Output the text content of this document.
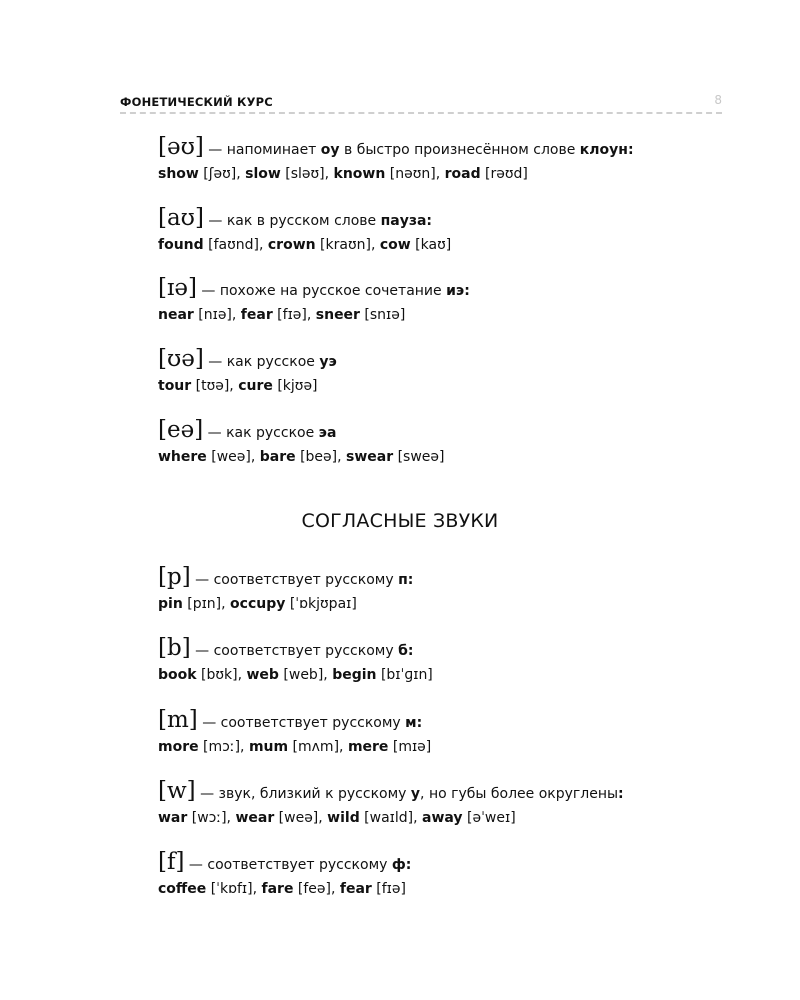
ФОНЕТИЧЕСКИЙ КУРС	8
[əʊ] — напоминает оу в быстро произнесённом слове клоун:
show [ʃəʊ], slow [sləʊ], known [nəʊn], road [rəʊd]
[aʊ] — как в русском слове пауза:
found [faʊnd], crown [kraʊn], cow [kaʊ]
[ɪə] — похоже на русское сочетание иэ:
near [nɪə], fear [fɪə], sneer [snɪə]
[ʊə] — как русское уэ
tour [tʊə], cure [kjʊə]
[eə] — как русское эа
where [weə], bare [beə], swear [sweə]
СОГЛАСНЫЕ ЗВУКИ
[p] — соответствует русскому п:
pin [pɪn], occupy [ˈɒkjʊpaɪ]
[b] — соответствует русскому б:
book [bʊk], web [web], begin [bɪˈɡɪn]
[m] — соответствует русскому м:
more [mɔː], mum [mʌm], mere [mɪə]
[w] — звук, близкий к русскому у, но губы более округлены:
war [wɔː], wear [weə], wild [waɪld], away [əˈweɪ]
[f] — соответствует русскому ф:
coffee [ˈkɒfɪ], fare [feə], fear [fɪə]
